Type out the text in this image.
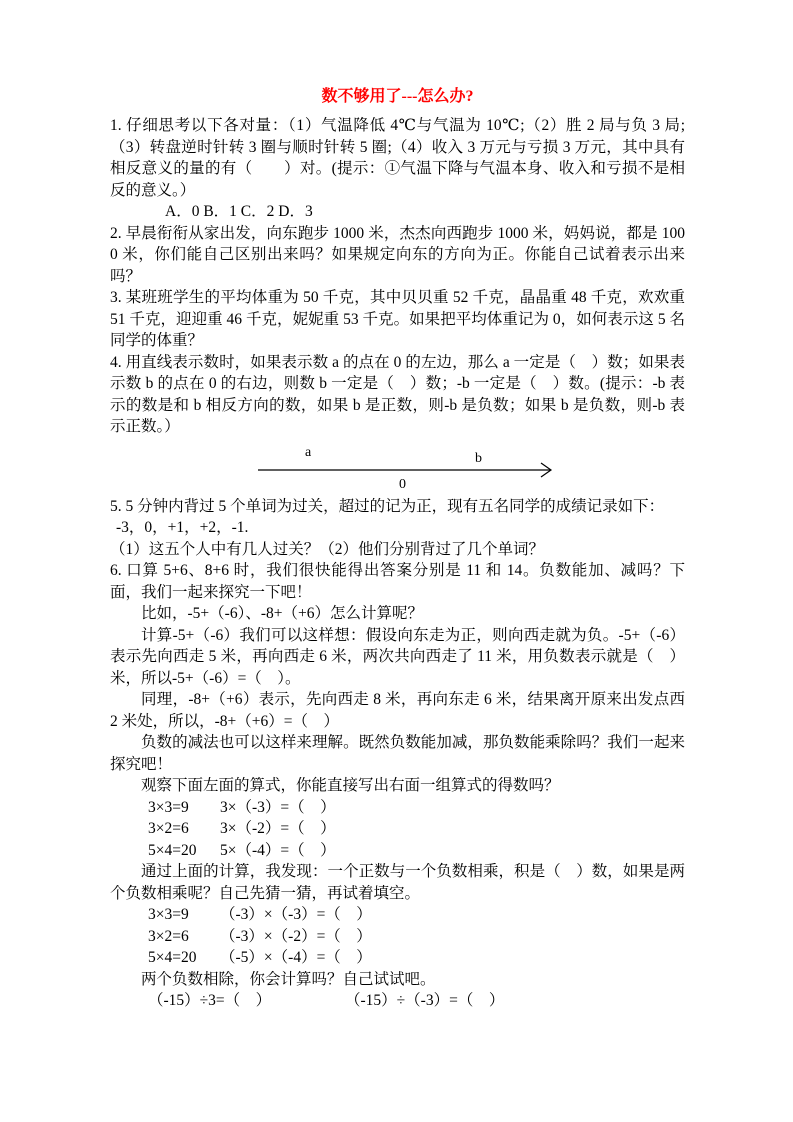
数不够用了---怎么办?

1. 仔细思考以下各对量：（1）气温降低 4℃与气温为 10℃;（2）胜 2 局与负 3 局;（3）转盘逆时针转 3 圈与顺时针转 5 圈;（4）收入 3 万元与亏损 3 万元，其中具有相反意义的量的有（　　）对。(提示：①气温下降与气温本身、收入和亏损不是相反的意义。）

A．0 B．1 C．2 D．3

2. 早晨衔衔从家出发，向东跑步 1000 米，杰杰向西跑步 1000 米，妈妈说，都是 1000 米，你们能自己区别出来吗？如果规定向东的方向为正。你能自己试着表示出来吗？

3. 某班班学生的平均体重为 50 千克，其中贝贝重 52 千克，晶晶重 48 千克，欢欢重 51 千克，迎迎重 46 千克，妮妮重 53 千克。如果把平均体重记为 0，如何表示这 5 名同学的体重？

4. 用直线表示数时，如果表示数 a 的点在 0 的左边，那么 a 一定是（　）数；如果表示数 b 的点在 0 的右边，则数 b 一定是（　）数；-b 一定是（　）数。(提示：-b 表示的数是和 b 相反方向的数，如果 b 是正数，则-b 是负数；如果 b 是负数，则-b 表示正数。）

a	b
0

5. 5 分钟内背过 5 个单词为过关，超过的记为正，现有五名同学的成绩记录如下：

-3，0，+1，+2，-1.

（1）这五个人中有几人过关？（2）他们分别背过了几个单词？

6. 口算 5+6、8+6 时，我们很快能得出答案分别是 11 和 14。负数能加、减吗？下面，我们一起来探究一下吧！

比如，-5+（-6）、-8+（+6）怎么计算呢？

计算-5+（-6）我们可以这样想：假设向东走为正，则向西走就为负。-5+（-6）表示先向西走 5 米，再向西走 6 米，两次共向西走了 11 米，用负数表示就是（　）米，所以-5+（-6）=（　）。

同理，-8+（+6）表示，先向西走 8 米，再向东走 6 米，结果离开原来出发点西 2 米处，所以，-8+（+6）=（　）

负数的减法也可以这样来理解。既然负数能加减，那负数能乘除吗？我们一起来探究吧！

观察下面左面的算式，你能直接写出右面一组算式的得数吗？

3×3=9	3×（-3）=（　）
3×2=6	3×（-2）=（　）
5×4=20	5×（-4）=（　）

通过上面的计算，我发现：一个正数与一个负数相乘，积是（　）数，如果是两个负数相乘呢？自己先猜一猜，再试着填空。

3×3=9	（-3）×（-3）=（　）
3×2=6	（-3）×（-2）=（　）
5×4=20	（-5）×（-4）=（　）

两个负数相除，你会计算吗？自己试试吧。

（-15）÷3=（　）	（-15）÷（-3）=（　）
